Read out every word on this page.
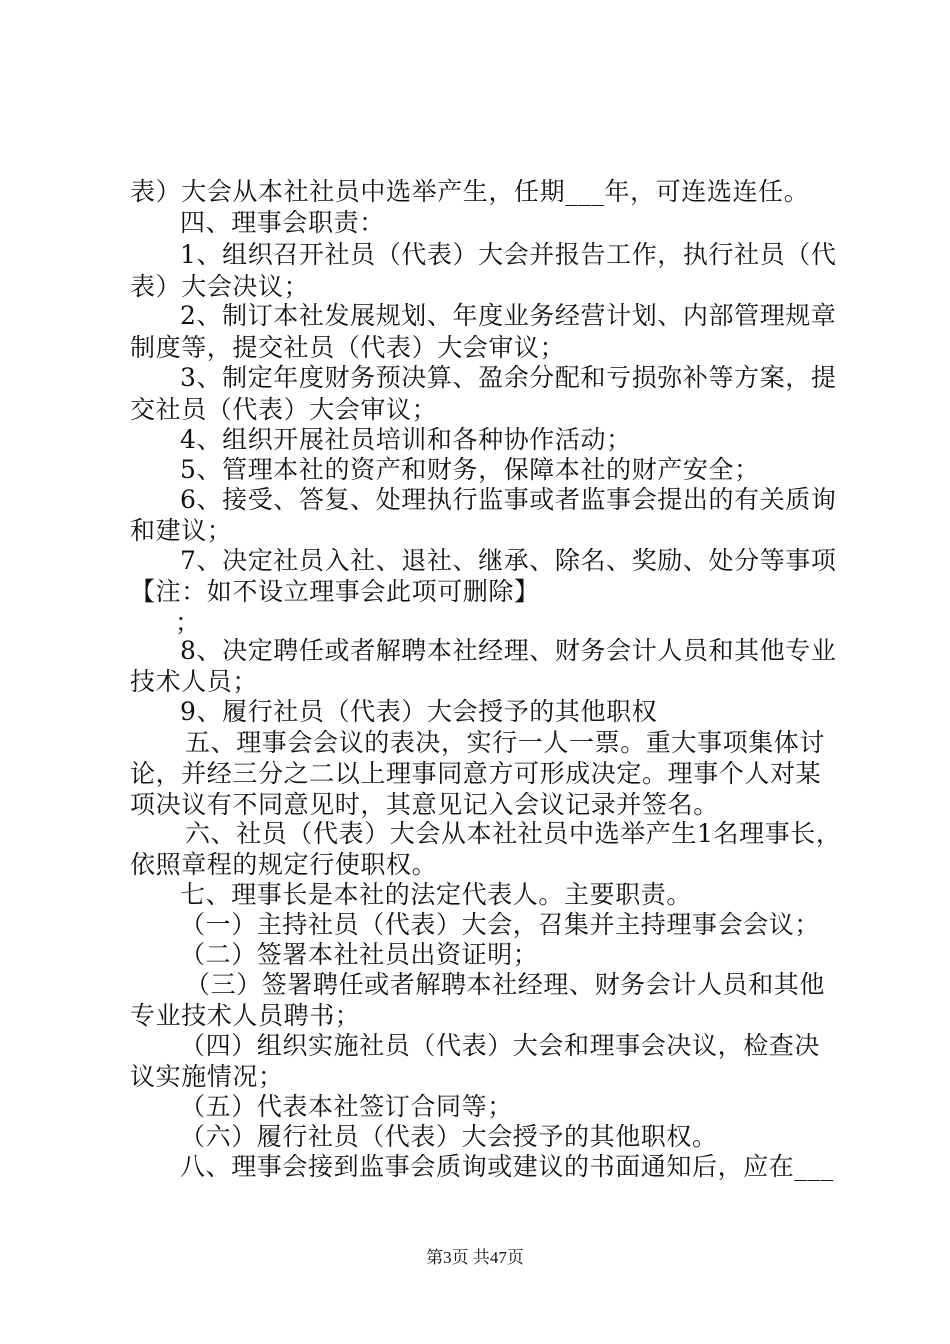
表）大会从本社社员中选举产生，任期___年，可连选连任。
四、理事会职责：
1、组织召开社员（代表）大会并报告工作，执行社员（代
表）大会决议；
2、制订本社发展规划、年度业务经营计划、内部管理规章
制度等，提交社员（代表）大会审议；
3、制定年度财务预决算、盈余分配和亏损弥补等方案，提
交社员（代表）大会审议；
4、组织开展社员培训和各种协作活动；
5、管理本社的资产和财务，保障本社的财产安全；
6、接受、答复、处理执行监事或者监事会提出的有关质询
和建议；
7、决定社员入社、退社、继承、除名、奖励、处分等事项
【注：如不设立理事会此项可删除】
；
8、决定聘任或者解聘本社经理、财务会计人员和其他专业
技术人员；
9、履行社员（代表）大会授予的其他职权
五、理事会会议的表决，实行一人一票。重大事项集体讨
论，并经三分之二以上理事同意方可形成决定。理事个人对某
项决议有不同意见时，其意见记入会议记录并签名。
六、社员（代表）大会从本社社员中选举产生1名理事长，
依照章程的规定行使职权。
七、理事长是本社的法定代表人。主要职责。
（一）主持社员（代表）大会，召集并主持理事会会议；
（二）签署本社社员出资证明；
（三）签署聘任或者解聘本社经理、财务会计人员和其他
专业技术人员聘书；
（四）组织实施社员（代表）大会和理事会决议，检查决
议实施情况；
（五）代表本社签订合同等；
（六）履行社员（代表）大会授予的其他职权。
八、理事会接到监事会质询或建议的书面通知后，应在___
第3页 共47页
